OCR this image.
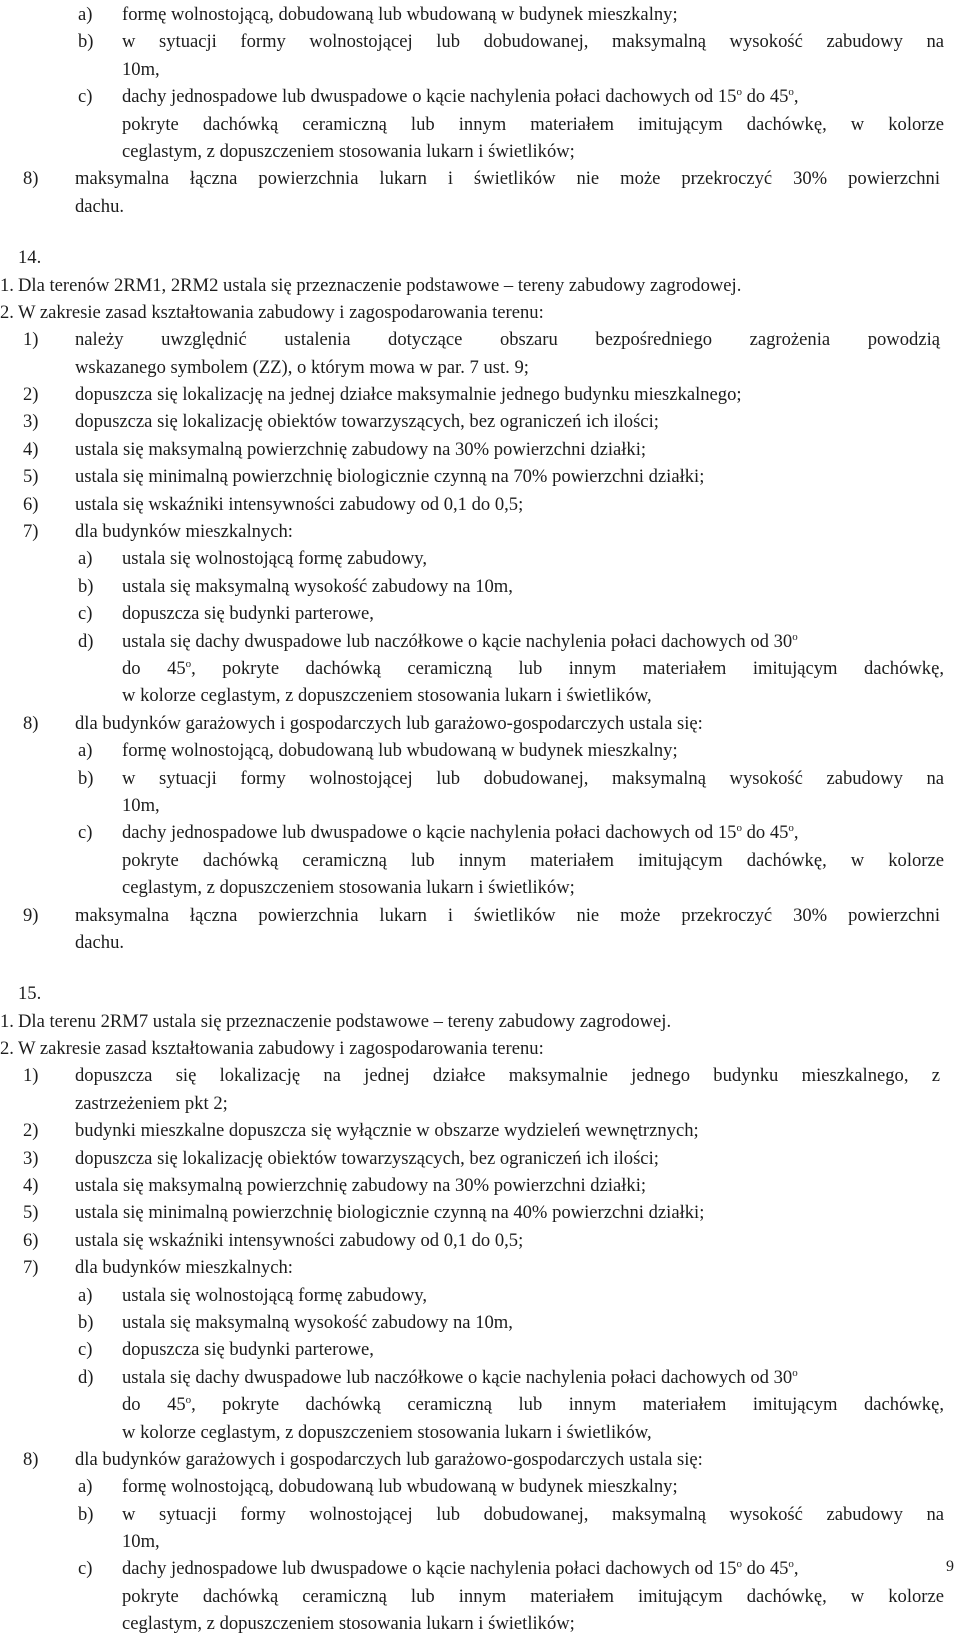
a) formę wolnostojącą, dobudowaną lub wbudowaną w budynek mieszkalny;
b) w sytuacji formy wolnostojącej lub dobudowanej, maksymalną wysokość zabudowy na
10m,
c) dachy jednospadowe lub dwuspadowe o kącie nachylenia połaci dachowych od 15$^o$ do 45$^o$,
pokryte dachówką ceramiczną lub innym materiałem imitującym dachówkę, w kolorze
ceglastym, z dopuszczeniem stosowania lukarn i świetlików;
8) maksymalna łączna powierzchnia lukarn i świetlików nie może przekroczyć 30% powierzchni
dachu.
14.
1. Dla terenów 2RM1, 2RM2 ustala się przeznaczenie podstawowe – tereny zabudowy zagrodowej.
2. W zakresie zasad kształtowania zabudowy i zagospodarowania terenu:
1) należy uwzględnić ustalenia dotyczące obszaru bezpośredniego zagrożenia powodzią
wskazanego symbolem (ZZ), o którym mowa w par. 7 ust. 9;
2) dopuszcza się lokalizację na jednej działce maksymalnie jednego budynku mieszkalnego;
3) dopuszcza się lokalizację obiektów towarzyszących, bez ograniczeń ich ilości;
4) ustala się maksymalną powierzchnię zabudowy na 30% powierzchni działki;
5) ustala się minimalną powierzchnię biologicznie czynną na 70% powierzchni działki;
6) ustala się wskaźniki intensywności zabudowy od 0,1 do 0,5;
7) dla budynków mieszkalnych:
a) ustala się wolnostojącą formę zabudowy,
b) ustala się maksymalną wysokość zabudowy na 10m,
c) dopuszcza się budynki parterowe,
d) ustala się dachy dwuspadowe lub naczółkowe o kącie nachylenia połaci dachowych od 30$^o$
do 45$^o$, pokryte dachówką ceramiczną lub innym materiałem imitującym dachówkę,
w kolorze ceglastym, z dopuszczeniem stosowania lukarn i świetlików,
8) dla budynków garażowych i gospodarczych lub garażowo-gospodarczych ustala się:
a) formę wolnostojącą, dobudowaną lub wbudowaną w budynek mieszkalny;
b) w sytuacji formy wolnostojącej lub dobudowanej, maksymalną wysokość zabudowy na
10m,
c) dachy jednospadowe lub dwuspadowe o kącie nachylenia połaci dachowych od 15$^o$ do 45$^o$,
pokryte dachówką ceramiczną lub innym materiałem imitującym dachówkę, w kolorze
ceglastym, z dopuszczeniem stosowania lukarn i świetlików;
9) maksymalna łączna powierzchnia lukarn i świetlików nie może przekroczyć 30% powierzchni
dachu.
15.
1. Dla terenu 2RM7 ustala się przeznaczenie podstawowe – tereny zabudowy zagrodowej.
2. W zakresie zasad kształtowania zabudowy i zagospodarowania terenu:
1) dopuszcza się lokalizację na jednej działce maksymalnie jednego budynku mieszkalnego, z
zastrzeżeniem pkt 2;
2) budynki mieszkalne dopuszcza się wyłącznie w obszarze wydzieleń wewnętrznych;
3) dopuszcza się lokalizację obiektów towarzyszących, bez ograniczeń ich ilości;
4) ustala się maksymalną powierzchnię zabudowy na 30% powierzchni działki;
5) ustala się minimalną powierzchnię biologicznie czynną na 40% powierzchni działki;
6) ustala się wskaźniki intensywności zabudowy od 0,1 do 0,5;
7) dla budynków mieszkalnych:
a) ustala się wolnostojącą formę zabudowy,
b) ustala się maksymalną wysokość zabudowy na 10m,
c) dopuszcza się budynki parterowe,
d) ustala się dachy dwuspadowe lub naczółkowe o kącie nachylenia połaci dachowych od 30$^o$
do 45$^o$, pokryte dachówką ceramiczną lub innym materiałem imitującym dachówkę,
w kolorze ceglastym, z dopuszczeniem stosowania lukarn i świetlików,
8) dla budynków garażowych i gospodarczych lub garażowo-gospodarczych ustala się:
a) formę wolnostojącą, dobudowaną lub wbudowaną w budynek mieszkalny;
b) w sytuacji formy wolnostojącej lub dobudowanej, maksymalną wysokość zabudowy na
10m,
c) dachy jednospadowe lub dwuspadowe o kącie nachylenia połaci dachowych od 15$^o$ do 45$^o$,
pokryte dachówką ceramiczną lub innym materiałem imitującym dachówkę, w kolorze
ceglastym, z dopuszczeniem stosowania lukarn i świetlików;
9
